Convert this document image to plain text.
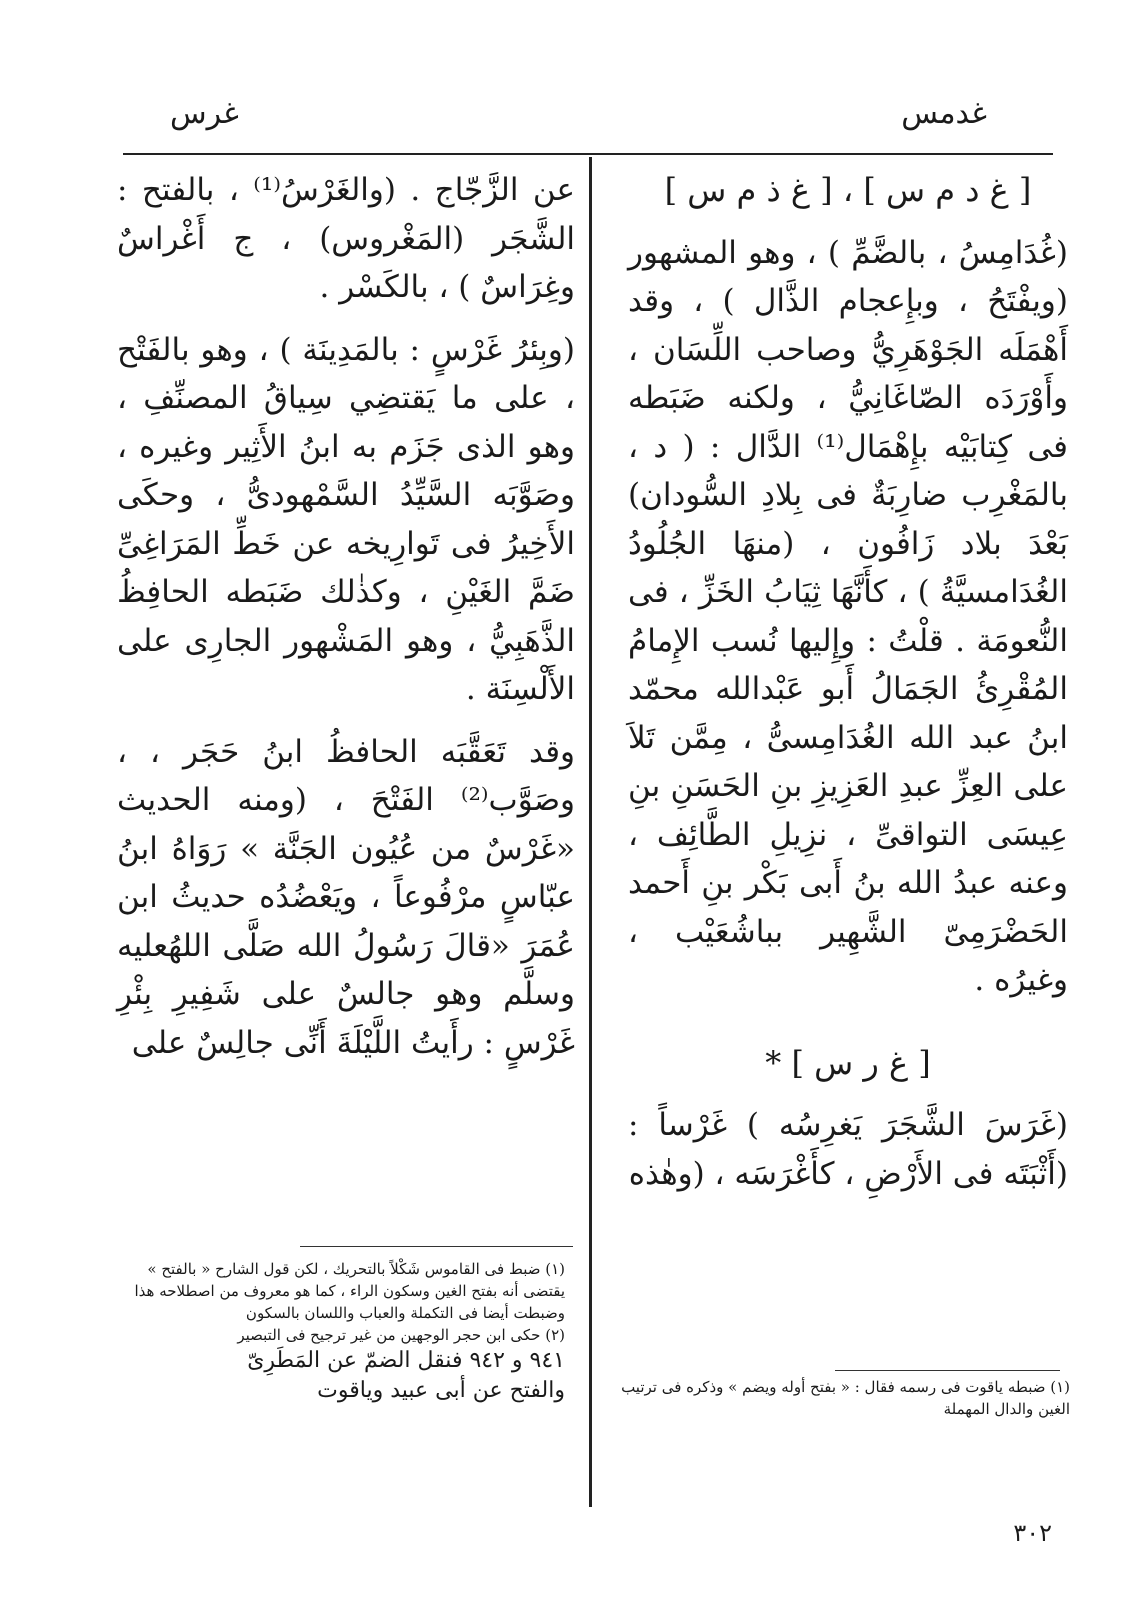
غدمس
غرس
[ غ د م س ] ، [ غ ذ م س ]

(غُدَامِسُ ، بالضَّمِّ ) ، وهو المشهور (ويفْتَحُ ، وبإِعجام الذَّال ) ، وقد أَهْمَلَه الجَوْهَرِيُّ وصاحب اللِّسَان ، وأَوْرَدَه الصّاغَانِيُّ ، ولكنه ضَبَطه فى كِتابَيْه بإِهْمَال⁽¹⁾ الدَّال : ( د ، بالمَغْرِب ضارِبَةٌ فى بِلادِ السُّودان) بَعْدَ بلاد زَافُون ، (منهَا الجُلُودُ الغُدَامسيَّةُ ) ، كأَنَّهَا ثِيَابُ الخَزِّ ، فى النُّعومَة . قلْتُ : وإِليها نُسب الإِمامُ المُقْرِئُ الجَمَالُ أَبو عَبْدالله محمّد ابنُ عبد الله الغُدَامِسىُّ ، مِمَّن تَلاَ على العِزِّ عبدِ العَزِيزِ بنِ الحَسَنِ بنِ عِيسَى التواقىِّ ، نزِيلِ الطَّائِف ، وعنه عبدُ الله بنُ أَبى بَكْر بنِ أَحمد الحَضْرَمِىّ الشَّهِير بباشُعَيْب ، وغيرُه .

[ غ ر س ] *

(غَرَسَ الشَّجَرَ يَغرِسُه ) غَرْساً : (أَثْبَتَه فى الأَرْضِ ، كأَغْرَسَه ، (وهٰذه

عن الزَّجّاج . (والغَرْسُ⁽¹⁾ ، بالفتح : الشَّجَر (المَغْروس) ، ج أَغْراسٌ وغِرَاسٌ ) ، بالكَسْر .

(وبِئرُ غَرْسٍ : بالمَدِينَة ) ، وهو بالفَتْح ، على ما يَقتضِي سِياقُ المصنِّفِ ، وهو الذى جَزَم به ابنُ الأَثِير وغيره ، وصَوَّبَه السَّيِّدُ السَّمْهودىُّ ، وحكَى الأَخِيرُ فى تَوارِيخه عن خَطِّ المَرَاغِىِّ ضَمَّ الغَيْنِ ، وكذٰلك ضَبَطه الحافِظُ الذَّهَبِيُّ ، وهو المَشْهور الجارِى على الأَلْسِنَة .

وقد تَعَقَّبَه الحافظُ ابنُ حَجَر ، ، وصَوَّب⁽²⁾ الفَتْحَ ، (ومنه الحديث «غَرْسٌ من عُيُون الجَنَّة » رَوَاهُ ابنُ عبّاسٍ مرْفُوعاً ، ويَعْضُدُه حديثُ ابن عُمَرَ «قالَ رَسُولُ الله صَلَّى اللهُعليه وسلَّم وهو جالسٌ على شَفِيرِ بِئْرِ غَرْسٍ : رأَيتُ اللَّيْلَةَ أَنِّى جالِسٌ على

(١) ضبط فى القاموس شَكْلاً بالتحريك ، لكن قول الشارح « بالفتح » يقتضى أنه بفتح الغين وسكون الراء ، كما هو معروف من اصطلاحه هذا وضبطت أيضا فى التكملة والعباب واللسان بالسكون

(٢) حكى ابن حجر الوجهين من غير ترجيح فى التبصير

٩٤١ و ٩٤٢ فنقل الضمّ عن المَطَرِىّ

والفتح عن أبى عبيد وياقوت	(١) ضبطه ياقوت فى رسمه فقال : « بفتح أوله ويضم » وذكره فى ترتيب الغين والدال المهملة

٣٠٢
